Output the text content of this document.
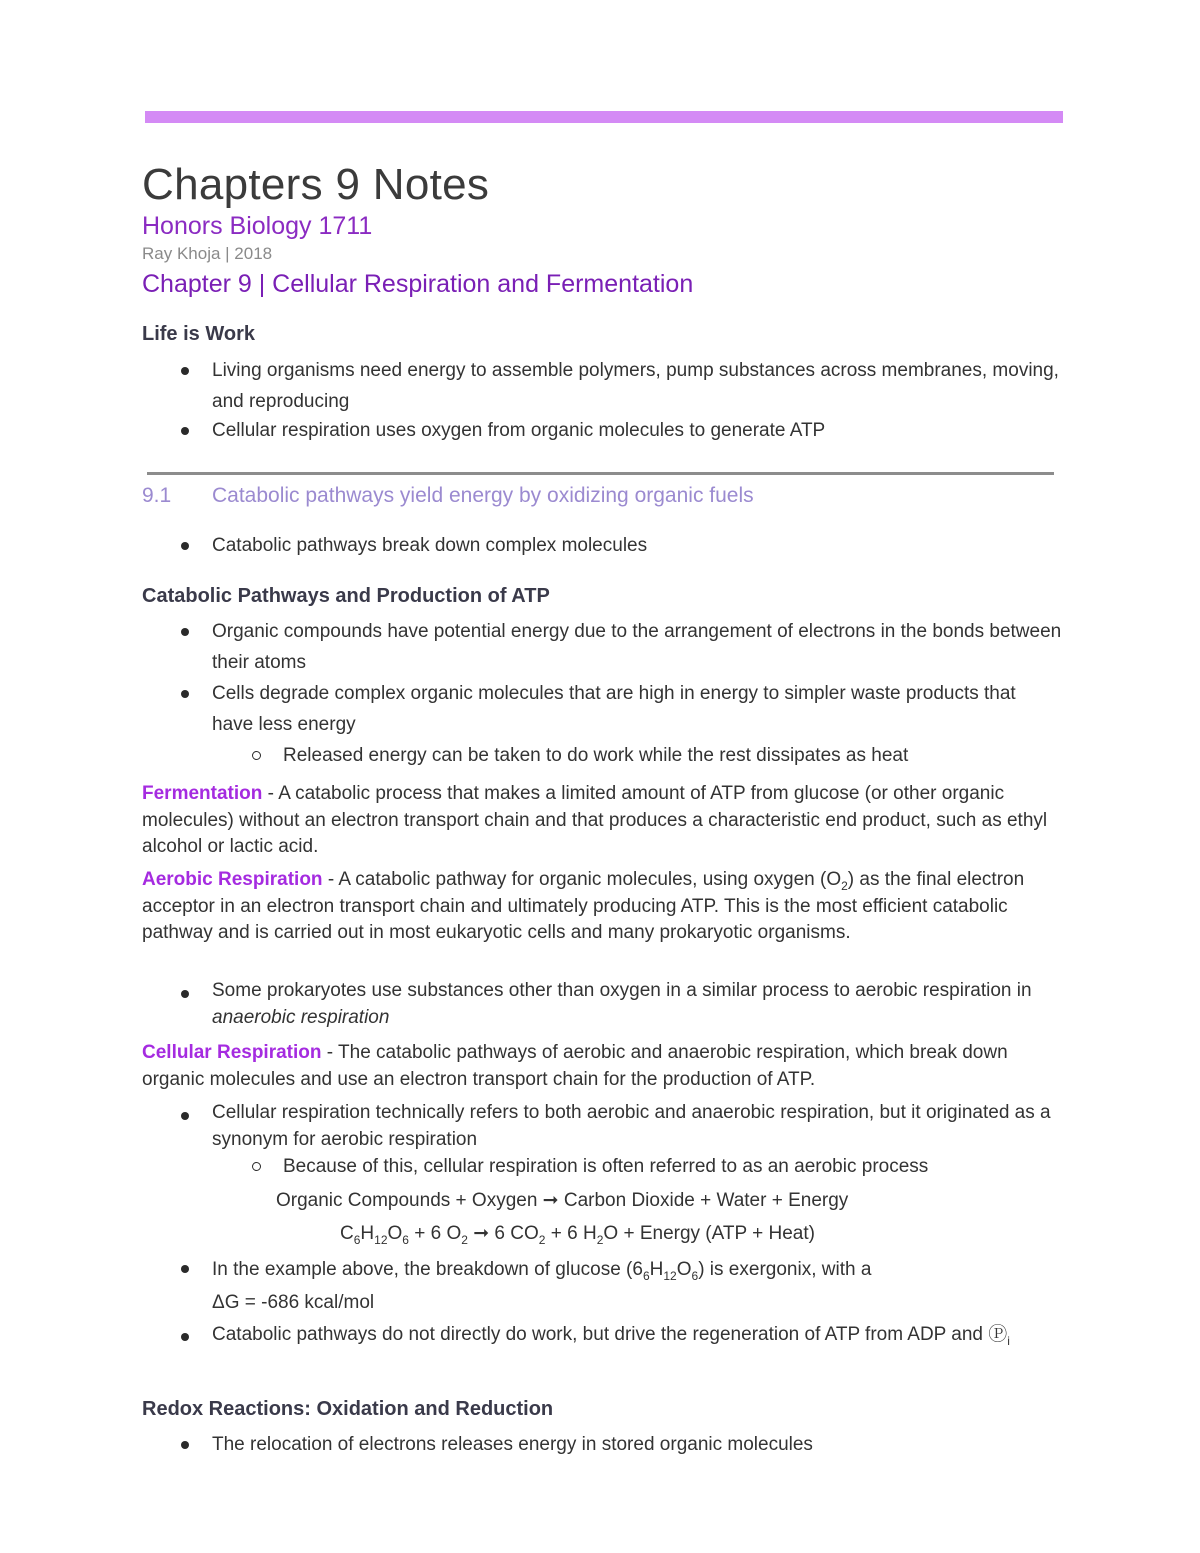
Chapters 9 Notes
Honors Biology 1711
Ray Khoja | 2018
Chapter 9 | Cellular Respiration and Fermentation
Life is Work
Living organisms need energy to assemble polymers, pump substances across membranes, moving, and reproducing
Cellular respiration uses oxygen from organic molecules to generate ATP
9.1 Catabolic pathways yield energy by oxidizing organic fuels
Catabolic pathways break down complex molecules
Catabolic Pathways and Production of ATP
Organic compounds have potential energy due to the arrangement of electrons in the bonds between their atoms
Cells degrade complex organic molecules that are high in energy to simpler waste products that have less energy
Released energy can be taken to do work while the rest dissipates as heat
Fermentation - A catabolic process that makes a limited amount of ATP from glucose (or other organic molecules) without an electron transport chain and that produces a characteristic end product, such as ethyl alcohol or lactic acid.
Aerobic Respiration - A catabolic pathway for organic molecules, using oxygen $(O_2)$ as the final electron acceptor in an electron transport chain and ultimately producing ATP. This is the most efficient catabolic pathway and is carried out in most eukaryotic cells and many prokaryotic organisms.
Some prokaryotes use substances other than oxygen in a similar process to aerobic respiration in anaerobic respiration
Cellular Respiration - The catabolic pathways of aerobic and anaerobic respiration, which break down organic molecules and use an electron transport chain for the production of ATP.
Cellular respiration technically refers to both aerobic and anaerobic respiration, but it originated as a synonym for aerobic respiration
Because of this, cellular respiration is often referred to as an aerobic process
Organic Compounds + Oxygen ➞ Carbon Dioxide + Water + Energy
$C_6H_{12}O_6 + 6$ $O_2$ ➞ 6 $CO_2 + 6$ $H_2O$ + Energy (ATP + Heat)
In the example above, the breakdown of glucose $(6_6H_{12}O_6)$ is exergonix, with a
ΔG = -686 kcal/mol
Catabolic pathways do not directly do work, but drive the regeneration of ATP from ADP and $Ⓟ_i$
Redox Reactions: Oxidation and Reduction
The relocation of electrons releases energy in stored organic molecules
